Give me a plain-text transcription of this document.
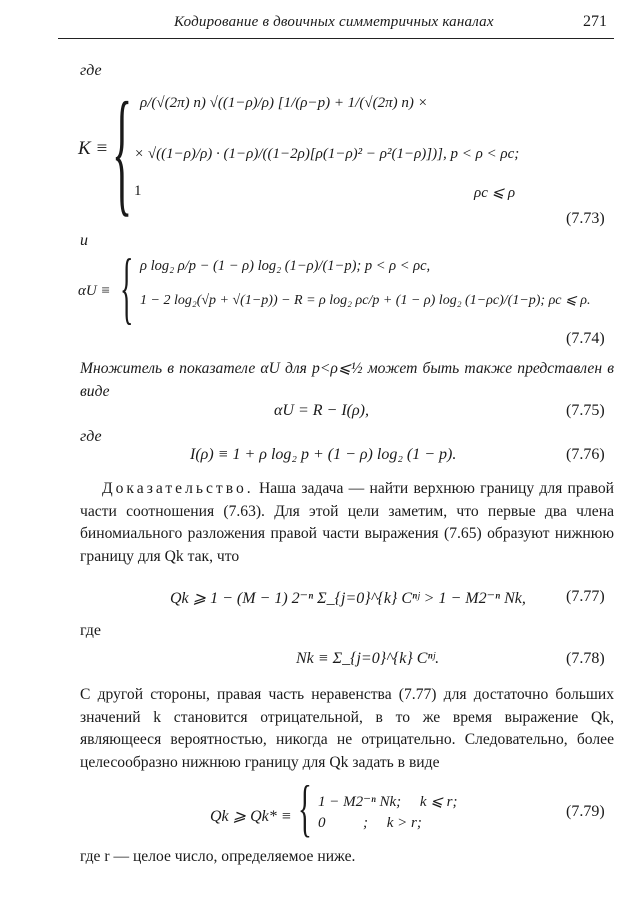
Кодирование в двоичных симметричных каналах	271
где
K ≡ { ρ/(√(2π) n) √((1−ρ)/ρ) [1/(ρ−p) + 1/(√(2π) n) ×
× √((1−ρ)/ρ) · (1−ρ)/((1−2ρ)[ρ(1−ρ)² − ρ²(1−ρ)])], p < ρ < ρc;
1	ρc ⩽ ρ
(7.73)
и
αU ≡ { ρ log₂ ρ/p − (1 − ρ) log₂ (1−ρ)/(1−p); p < ρ < ρc,
1 − 2 log₂(√p + √(1−p)) − R = ρ log₂ ρc/p + (1 − ρ) log₂ (1−ρc)/(1−p); ρc ⩽ ρ.
(7.74)
Множитель в показателе αU для p<ρ⩽½ может быть также представлен в виде
αU = R − I(ρ),	(7.75)
где
I(ρ) ≡ 1 + ρ log₂ p + (1 − ρ) log₂ (1 − p).	(7.76)
Доказательство. Наша задача — найти верхнюю границу для правой части соотношения (7.63). Для этой цели заметим, что первые два члена биномиального разложения правой части выражения (7.65) образуют нижнюю границу для Qk так, что
Qk ⩾ 1 − (M − 1) 2⁻ⁿ Σ_{j=0}^{k} Cⁿʲ > 1 − M2⁻ⁿ Nk,	(7.77)
где
Nk ≡ Σ_{j=0}^{k} Cⁿʲ.	(7.78)
С другой стороны, правая часть неравенства (7.77) для достаточно больших значений k становится отрицательной, в то же время выражение Qk, являющееся вероятностью, никогда не отрицательно. Следовательно, более целесообразно нижнюю границу для Qk задать в виде
Qk ⩾ Qk* ≡ { 1 − M2⁻ⁿ Nk;     k ⩽ r;
0          ;     k > r;
(7.79)
где r — целое число, определяемое ниже.
